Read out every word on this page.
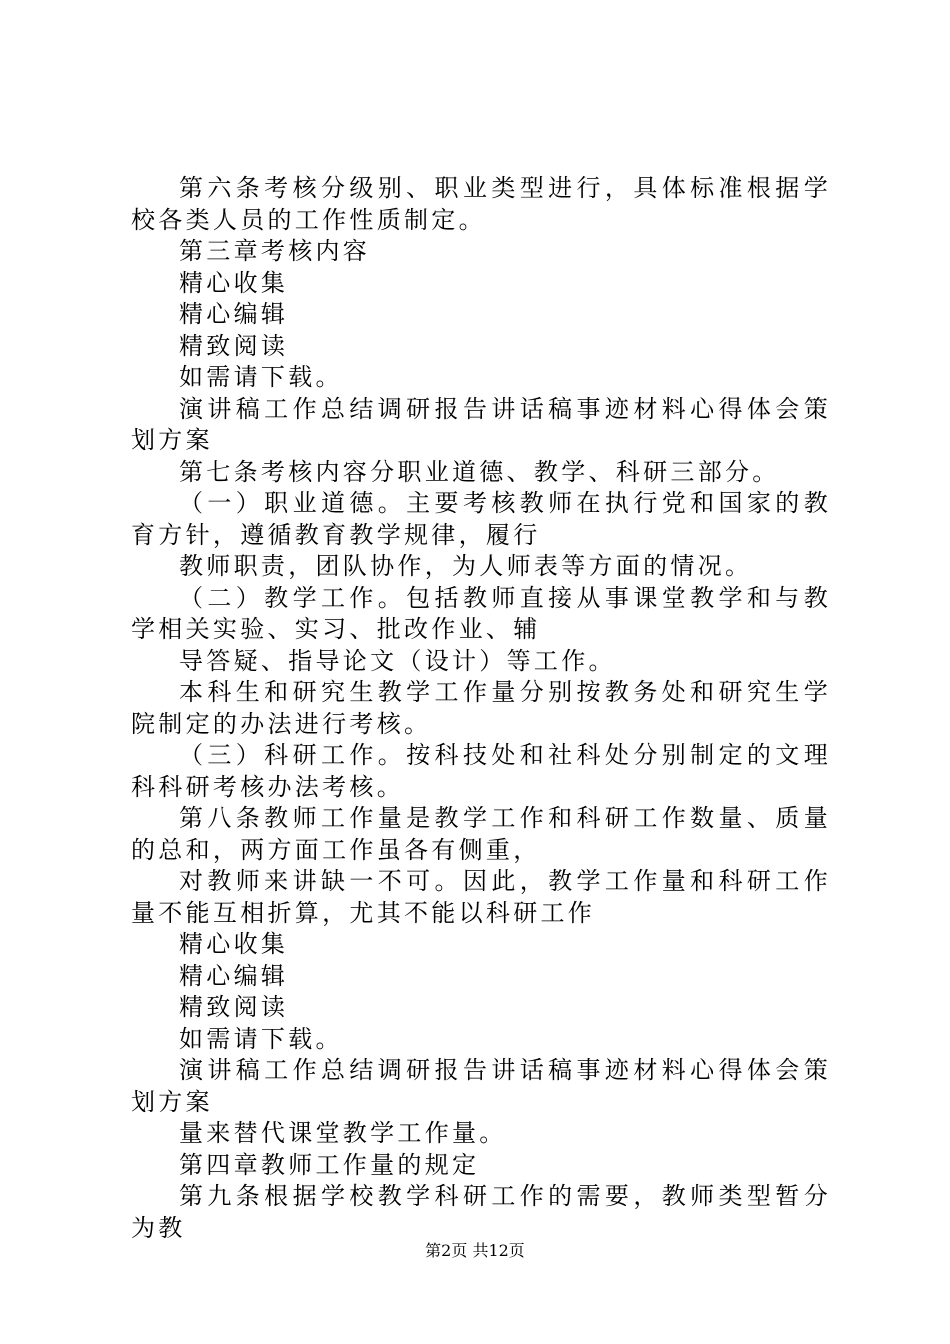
第六条考核分级别、职业类型进行，具体标准根据学校各类人员的工作性质制定。

第三章考核内容

精心收集

精心编辑

精致阅读

如需请下载。

演讲稿工作总结调研报告讲话稿事迹材料心得体会策划方案

第七条考核内容分职业道德、教学、科研三部分。

（一）职业道德。主要考核教师在执行党和国家的教育方针，遵循教育教学规律，履行

教师职责，团队协作，为人师表等方面的情况。

（二）教学工作。包括教师直接从事课堂教学和与教学相关实验、实习、批改作业、辅

导答疑、指导论文（设计）等工作。

本科生和研究生教学工作量分别按教务处和研究生学院制定的办法进行考核。

（三）科研工作。按科技处和社科处分别制定的文理科科研考核办法考核。

第八条教师工作量是教学工作和科研工作数量、质量的总和，两方面工作虽各有侧重，

对教师来讲缺一不可。因此，教学工作量和科研工作量不能互相折算，尤其不能以科研工作

精心收集

精心编辑

精致阅读

如需请下载。

演讲稿工作总结调研报告讲话稿事迹材料心得体会策划方案

量来替代课堂教学工作量。

第四章教师工作量的规定

第九条根据学校教学科研工作的需要，教师类型暂分为教

第2页 共12页
